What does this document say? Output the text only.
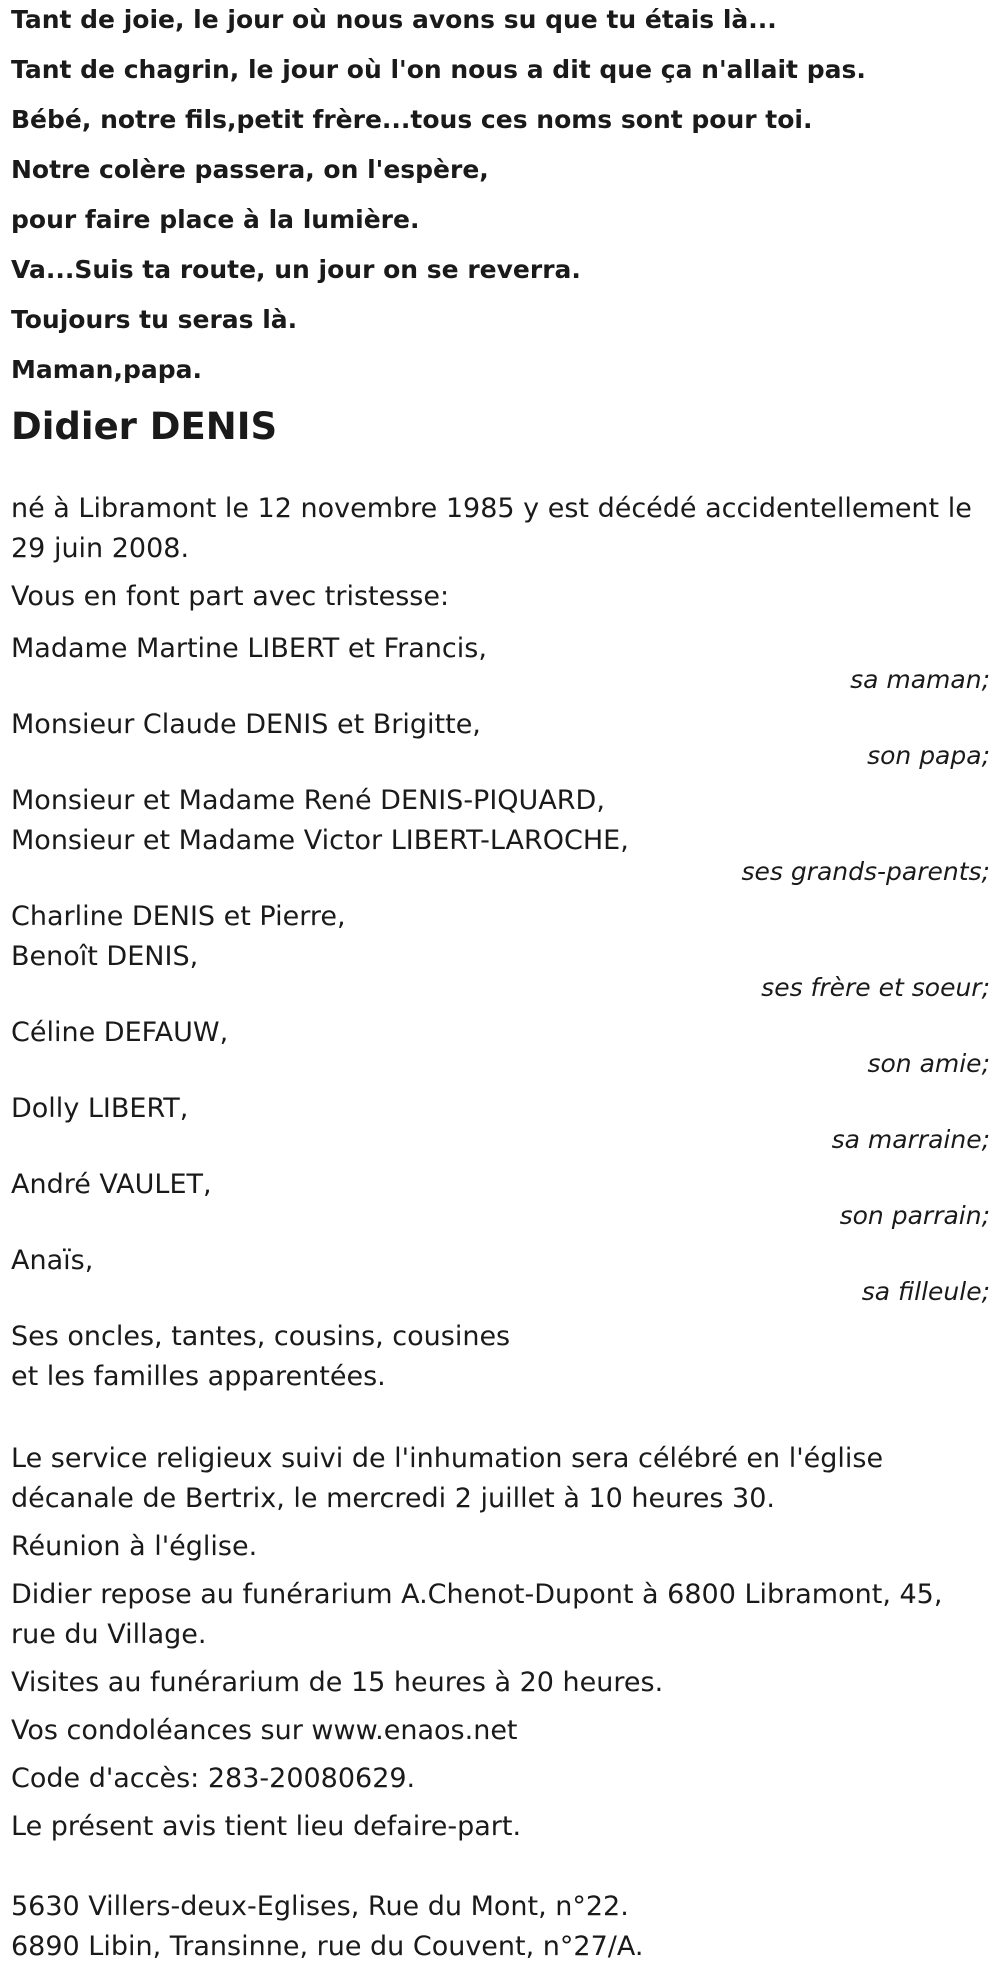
Tant de joie, le jour où nous avons su que tu étais là...

Tant de chagrin, le jour où l'on nous a dit que ça n'allait pas.

Bébé, notre fils,petit frère...tous ces noms sont pour toi.

Notre colère passera, on l'espère,

pour faire place à la lumière.

Va...Suis ta route, un jour on se reverra.

Toujours tu seras là.

Maman,papa.

Didier DENIS

né à Libramont le 12 novembre 1985 y est décédé accidentellement le 29 juin 2008.

Vous en font part avec tristesse:

Madame Martine LIBERT et Francis,
sa maman;
Monsieur Claude DENIS et Brigitte,
son papa;
Monsieur et Madame René DENIS-PIQUARD,
Monsieur et Madame Victor LIBERT-LAROCHE,
ses grands-parents;
Charline DENIS et Pierre,
Benoît DENIS,
ses frère et soeur;
Céline DEFAUW,
son amie;
Dolly LIBERT,
sa marraine;
André VAULET,
son parrain;
Anaïs,
sa filleule;
Ses oncles, tantes, cousins, cousines
et les familles apparentées.

Le service religieux suivi de l'inhumation sera célébré en l'église décanale de Bertrix, le mercredi 2 juillet à 10 heures 30.

Réunion à l'église.

Didier repose au funérarium A.Chenot-Dupont à 6800 Libramont, 45, rue du Village.

Visites au funérarium de 15 heures à 20 heures.

Vos condoléances sur www.enaos.net

Code d'accès: 283-20080629.

Le présent avis tient lieu defaire-part.

5630 Villers-deux-Eglises, Rue du Mont, n°22.

6890 Libin, Transinne, rue du Couvent, n°27/A.
